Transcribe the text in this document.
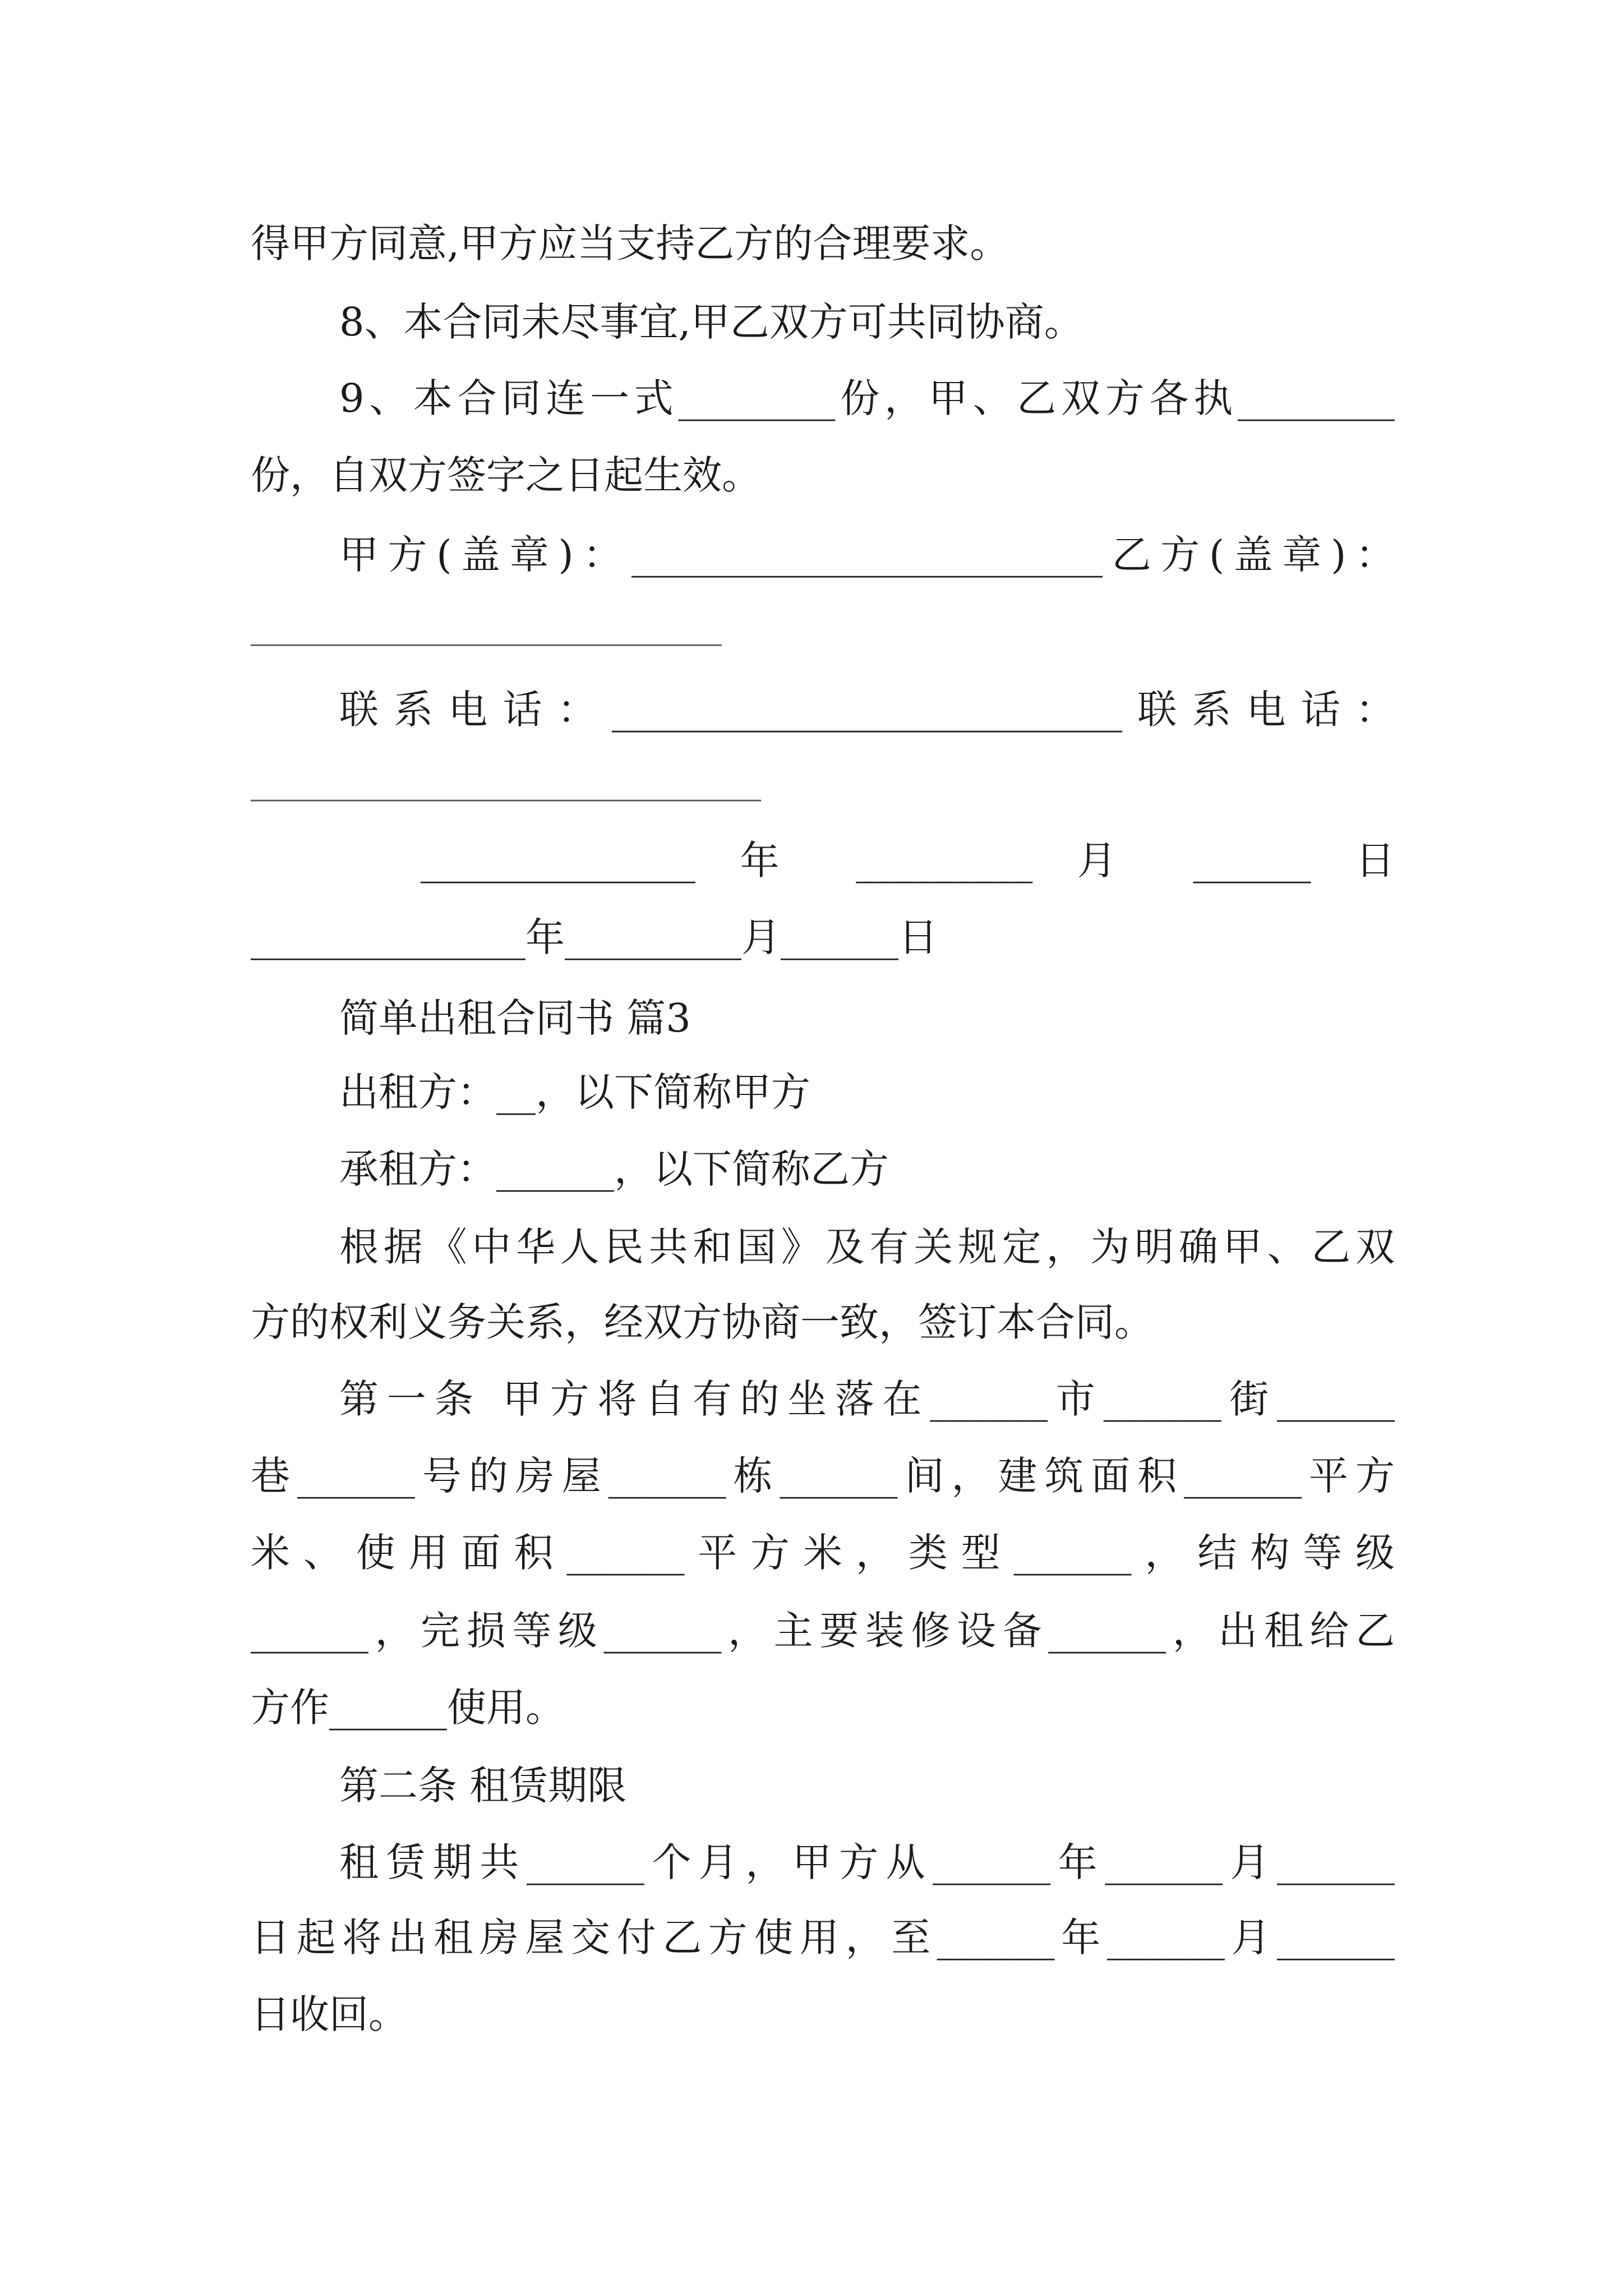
得甲方同意,甲方应当支持乙方的合理要求。
8、本合同未尽事宜,甲乙双方可共同协商。
9、本合同连一式________份，甲、乙双方各执________
份，自双方签字之日起生效。
甲方(盖章)：________________________乙方(盖章)：
________________________
联系电话：__________________________联系电话：
__________________________
______________ 年 _________ 月 ______ 日
______________年_________月______日
简单出租合同书 篇3
出租方：__，以下简称甲方
承租方：______，以下简称乙方
根据《中华人民共和国》及有关规定，为明确甲、乙双
方的权利义务关系，经双方协商一致，签订本合同。
第一条 甲方将自有的坐落在______市______街______
巷______号的房屋______栋______间，建筑面积______平方
米、使用面积______平方米，类型______，结构等级
______，完损等级______，主要装修设备______，出租给乙
方作______使用。
第二条 租赁期限
租赁期共______个月，甲方从______年______月______
日起将出租房屋交付乙方使用，至______年______月______
日收回。
